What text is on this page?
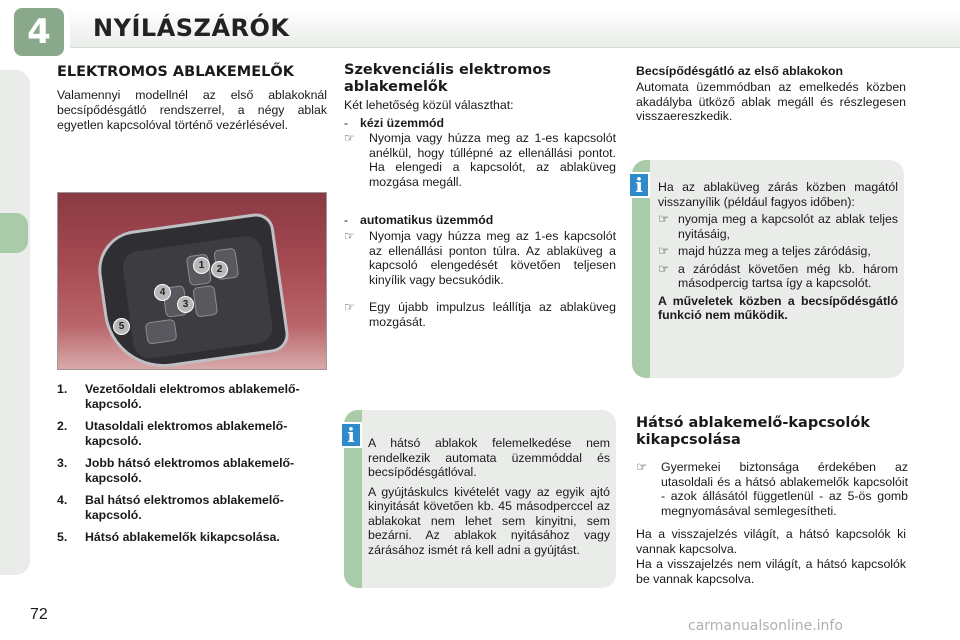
4 NYÍLÁSZÁRÓK
ELEKTROMOS ABLAKEMELŐK
Valamennyi modellnél az első ablakoknál becsípődésgátló rendszerrel, a négy ablak egyetlen kapcsolóval történő vezérlésével.
1	2
3
4
5
1. Vezetőoldali elektromos ablakemelő-kapcsoló.
2. Utasoldali elektromos ablakemelő-kapcsoló.
3. Jobb hátsó elektromos ablakemelő-kapcsoló.
4. Bal hátsó elektromos ablakemelő-kapcsoló.
5. Hátsó ablakemelők kikapcsolása.
Szekvenciális elektromos ablakemelők
Két lehetőség közül választhat:
- kézi üzemmód
☞ Nyomja vagy húzza meg az 1-es kapcsolót anélkül, hogy túllépné az ellenállási pontot. Ha elengedi a kapcsolót, az ablaküveg mozgása megáll.
- automatikus üzemmód
☞ Nyomja vagy húzza meg az 1-es kapcsolót az ellenállási ponton túlra. Az ablaküveg a kapcsoló elengedését követően teljesen kinyílik vagy becsukódik.
☞ Egy újabb impulzus leállítja az ablaküveg mozgását.

A hátsó ablakok felemelkedése nem rendelkezik automata üzemmóddal és becsípődésgátlóval.

A gyújtáskulcs kivételét vagy az egyik ajtó kinyitását követően kb. 45 másodperccel az ablakokat nem lehet sem kinyitni, sem bezárni. Az ablakok nyitásához vagy zárásához ismét rá kell adni a gyújtást.

i
Becsípődésgátló az első ablakokon
Automata üzemmódban az emelkedés közben akadályba ütköző ablak megáll és részlegesen visszaereszkedik.

Ha az ablaküveg zárás közben magától visszanyílik (például fagyos időben):

☞ nyomja meg a kapcsolót az ablak teljes nyitásáig,
☞ majd húzza meg a teljes záródásig,
☞ a záródást követően még kb. három másodpercig tartsa így a kapcsolót.

A műveletek közben a becsípődésgátló funkció nem működik.

i
Hátsó ablakemelő-kapcsolók kikapcsolása
☞ Gyermekei biztonsága érdekében az utasoldali és a hátsó ablakemelők kapcsolóit - azok állásától függetlenül - az 5-ös gomb megnyomásával semlegesítheti.
Ha a visszajelzés világít, a hátsó kapcsolók ki vannak kapcsolva.
Ha a visszajelzés nem világít, a hátsó kapcsolók be vannak kapcsolva.
72
carmanualsonline.info
